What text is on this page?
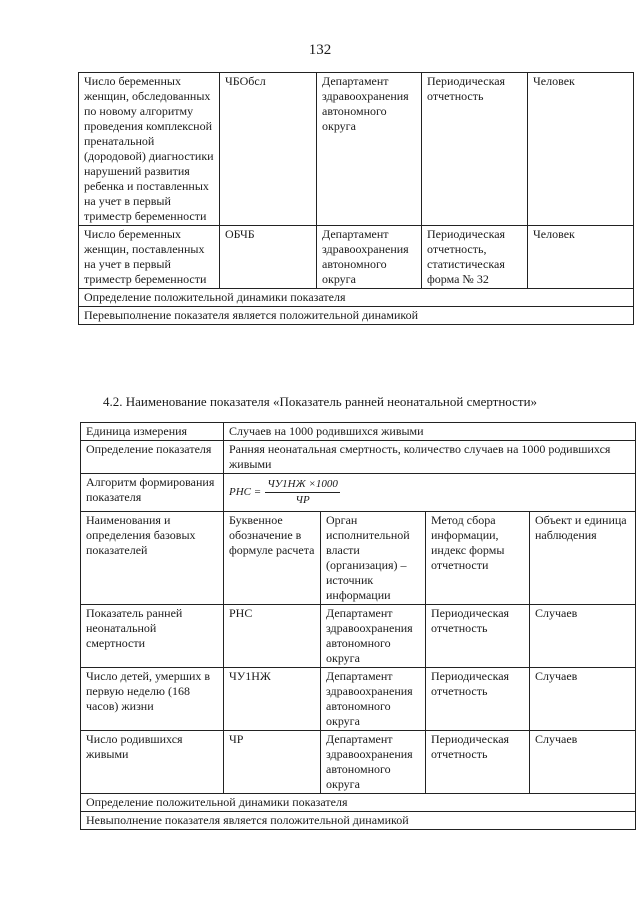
132
Число беременных женщин, обследованных по новому алгоритму проведения комплексной пренатальной (дородовой) диагностики нарушений развития ребенка и поставленных на учет в первый триместр беременности	ЧБОбсл	Департамент здравоохранения автономного округа	Периодическая отчетность	Человек
Число беременных женщин, поставленных на учет в первый триместр беременности	ОБЧБ	Департамент здравоохранения автономного округа	Периодическая отчетность, статистическая форма № 32	Человек
Определение положительной динамики показателя				
Перевыполнение показателя является положительной динамикой				
4.2. Наименование показателя «Показатель ранней неонатальной смертности»
Единица измерения	Случаев на 1000 родившихся живыми			
Определение показателя	Ранняя неонатальная смертность, количество случаев на 1000 родившихся живыми			
Алгоритм формирования показателя	РНС = $\frac{ЧУ1НЖ \times 1000}{ЧР}$

Наименования и определения базовых показателей	Буквенное обозначение в формуле расчета	Орган исполнительной власти (организация) – источник информации	Метод сбора информации, индекс формы отчетности	Объект и единица наблюдения
Показатель ранней неонатальной смертности	РНС	Департамент здравоохранения автономного округа	Периодическая отчетность	Случаев
Число детей, умерших в первую неделю (168 часов) жизни	ЧУ1НЖ	Департамент здравоохранения автономного округа	Периодическая отчетность	Случаев
Число родившихся живыми	ЧР	Департамент здравоохранения автономного округа	Периодическая отчетность	Случаев
Определение положительной динамики показателя				
Невыполнение показателя является положительной динамикой				
